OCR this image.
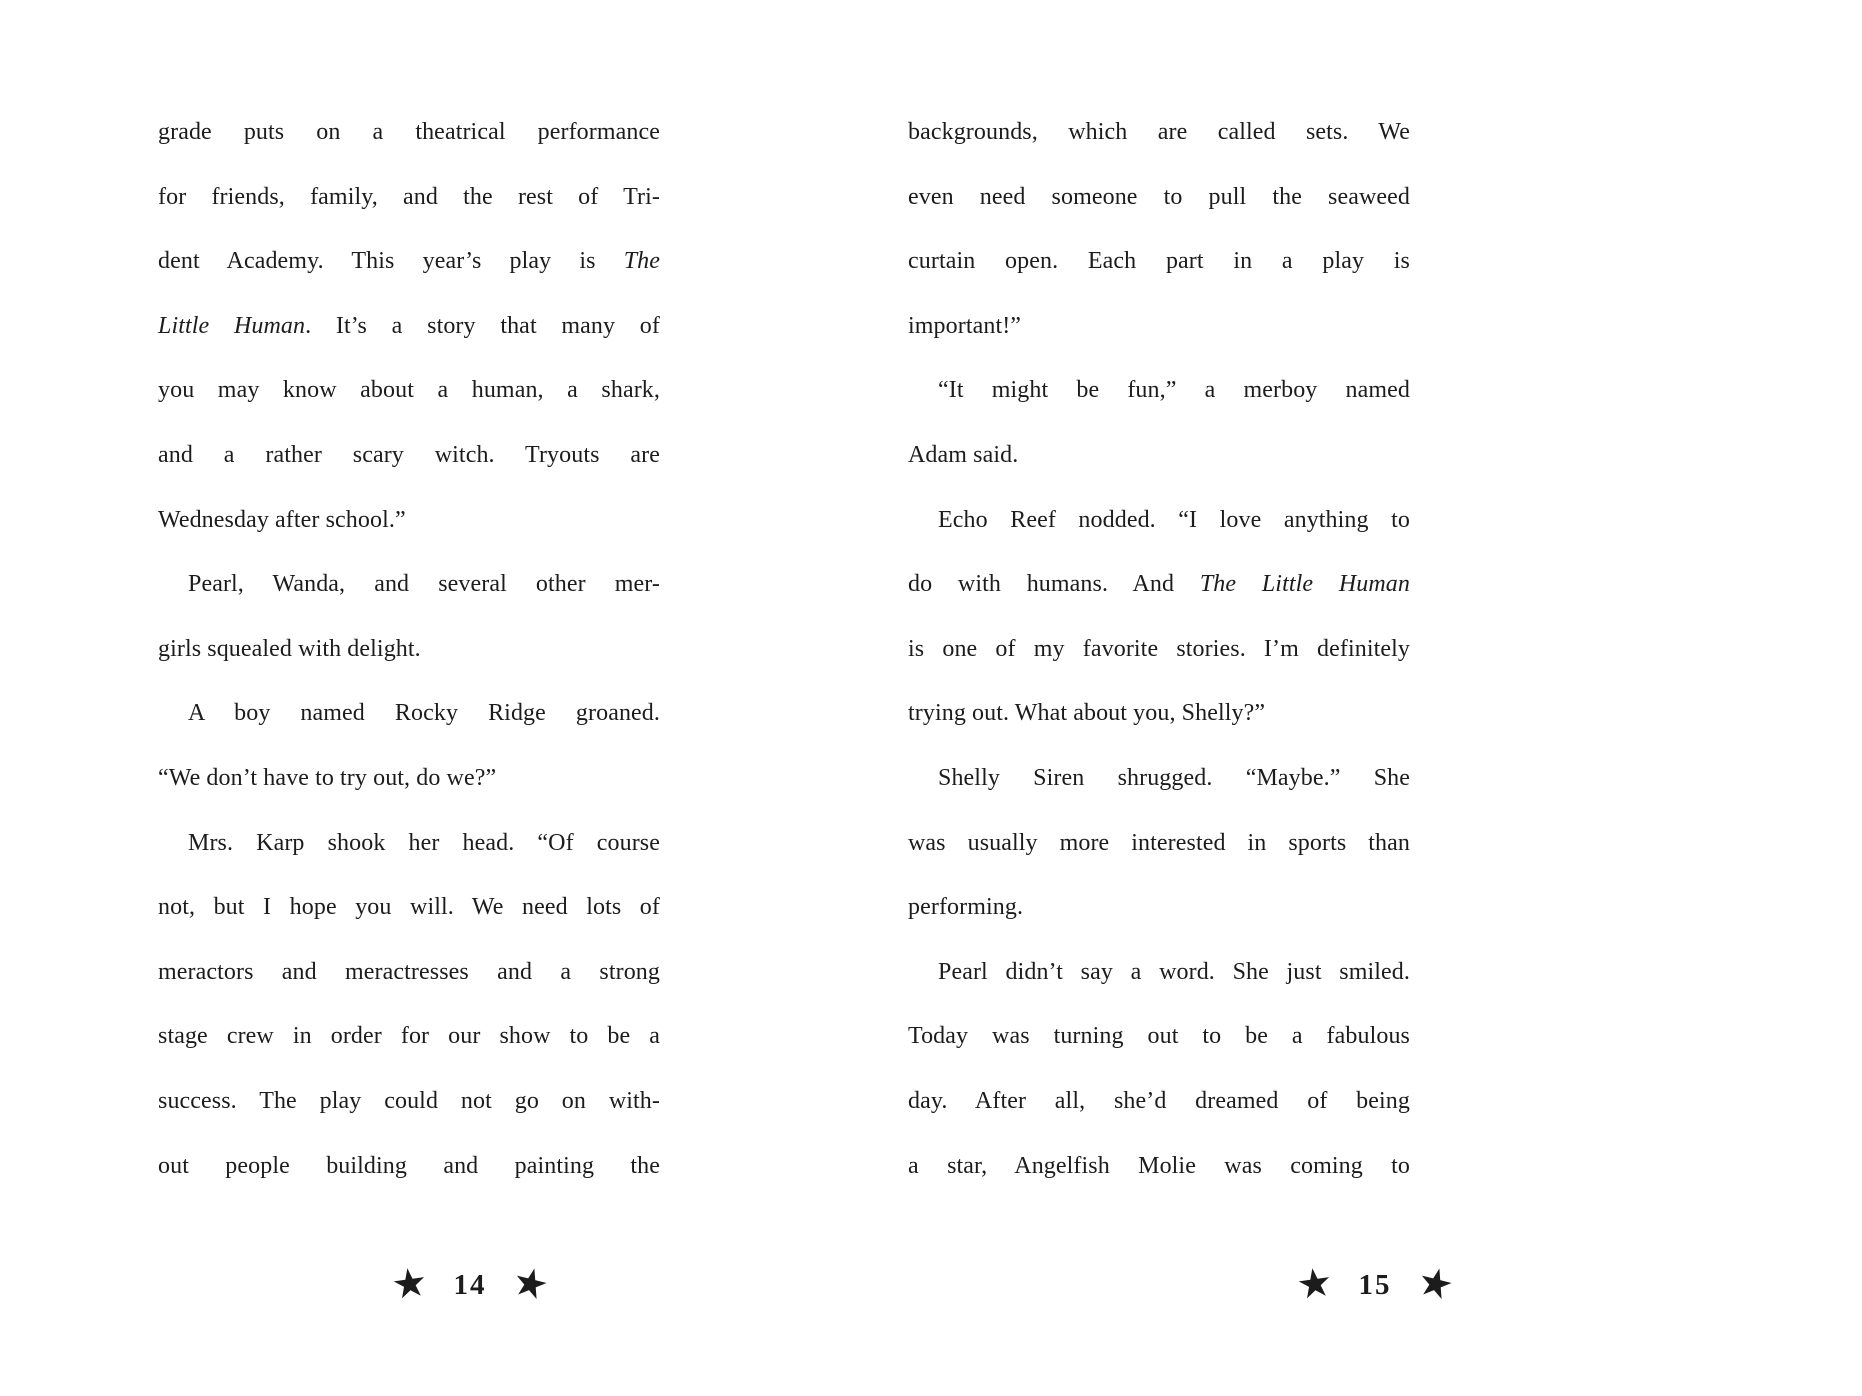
grade puts on a theatrical performance
for friends, family, and the rest of Tri-
dent Academy. This year’s play is The
Little Human. It’s a story that many of
you may know about a human, a shark,
and a rather scary witch. Tryouts are
Wednesday after school.”
Pearl, Wanda, and several other mer-
girls squealed with delight.
A boy named Rocky Ridge groaned.
“We don’t have to try out, do we?”
Mrs. Karp shook her head. “Of course
not, but I hope you will. We need lots of
meractors and meractresses and a strong
stage crew in order for our show to be a
success. The play could not go on with-
out people building and painting the
★ 14 ★
backgrounds, which are called sets. We
even need someone to pull the seaweed
curtain open. Each part in a play is
important!”
“It might be fun,” a merboy named
Adam said.
Echo Reef nodded. “I love anything to
do with humans. And The Little Human
is one of my favorite stories. I’m definitely
trying out. What about you, Shelly?”
Shelly Siren shrugged. “Maybe.” She
was usually more interested in sports than
performing.
Pearl didn’t say a word. She just smiled.
Today was turning out to be a fabulous
day. After all, she’d dreamed of being
a star, Angelfish Molie was coming to
★ 15 ★
